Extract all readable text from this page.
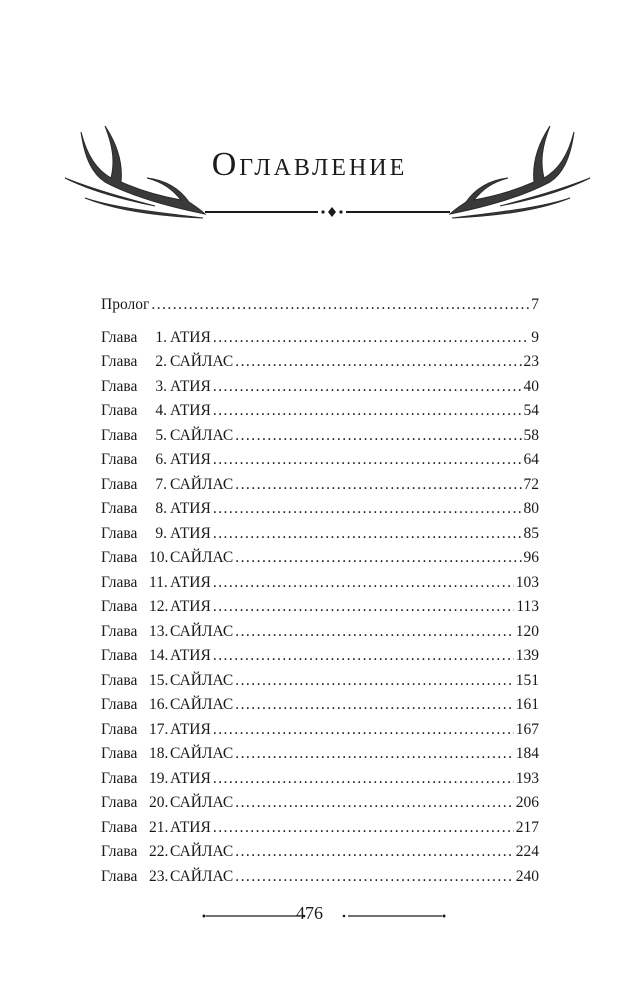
Оглавление
Пролог . . .	7
Глава	1. АТИЯ . . .	9
Глава	2. САЙЛАС . . .	23
Глава	3. АТИЯ . . .	40
Глава	4. АТИЯ . . .	54
Глава	5. САЙЛАС . . .	58
Глава	6. АТИЯ . . .	64
Глава	7. САЙЛАС . . .	72
Глава	8. АТИЯ . . .	80
Глава	9. АТИЯ . . .	85
Глава 10. САЙЛАС . . .	96
Глава 11. АТИЯ . . .	103
Глава 12. АТИЯ . . .	113
Глава 13. САЙЛАС . . .	120
Глава 14. АТИЯ . . .	139
Глава 15. САЙЛАС . . .	151
Глава 16. САЙЛАС . . .	161
Глава 17. АТИЯ . . .	167
Глава 18. САЙЛАС . . .	184
Глава 19. АТИЯ . . .	193
Глава 20. САЙЛАС . . .	206
Глава 21. АТИЯ . . .	217
Глава 22. САЙЛАС . . .	224
Глава 23. САЙЛАС . . .	240
476
